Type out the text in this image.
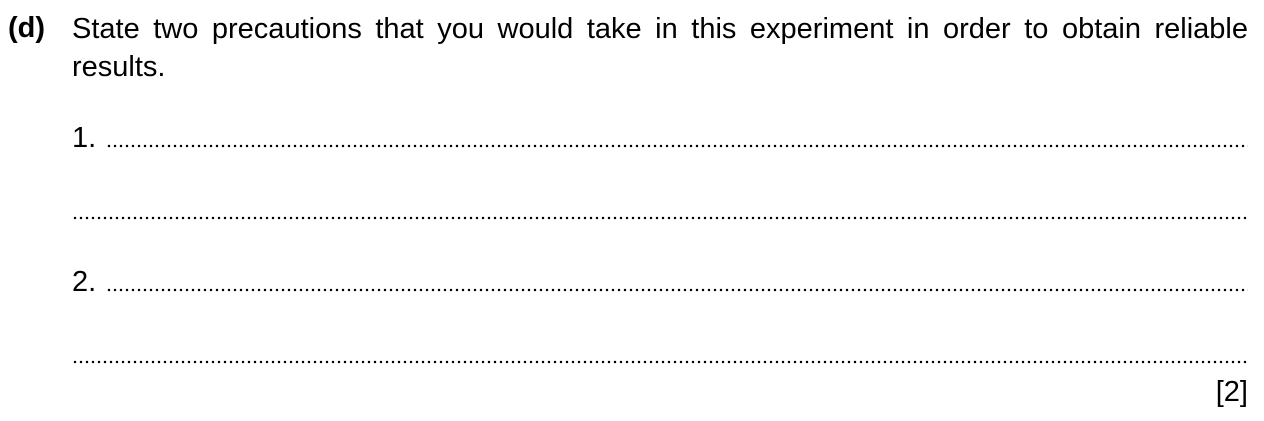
(d) State two precautions that you would take in this experiment in order to obtain reliable results.
1.
2.
[2]
